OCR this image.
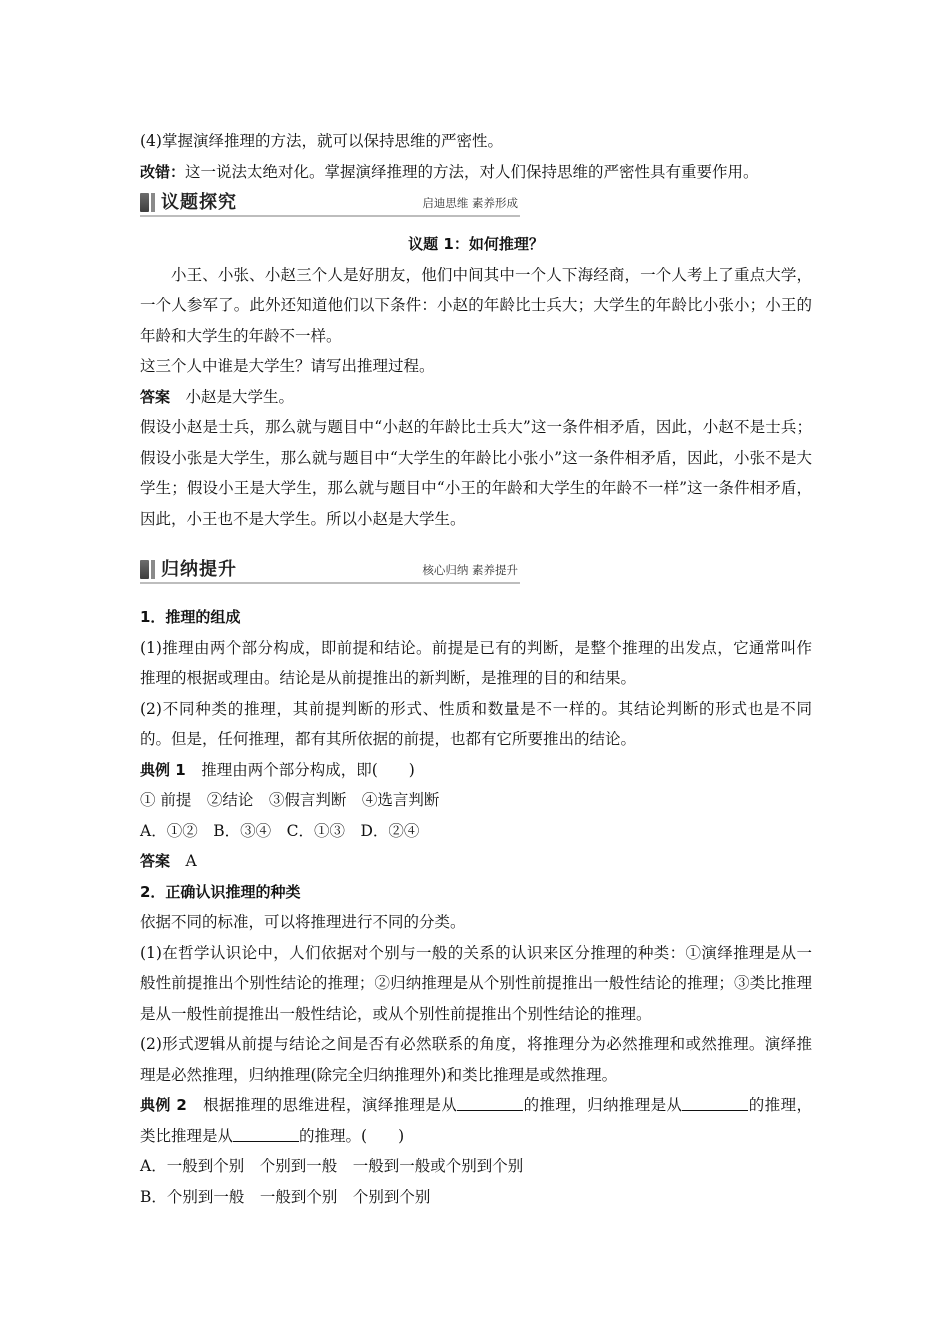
(4)掌握演绎推理的方法，就可以保持思维的严密性。

改错：这一说法太绝对化。掌握演绎推理的方法，对人们保持思维的严密性具有重要作用。

议题探究	启迪思维 素养形成

议题 1：如何推理？

小王、小张、小赵三个人是好朋友，他们中间其中一个人下海经商，一个人考上了重点大学，一个人参军了。此外还知道他们以下条件：小赵的年龄比士兵大；大学生的年龄比小张小；小王的年龄和大学生的年龄不一样。

这三个人中谁是大学生？请写出推理过程。

答案　 小赵是大学生。

假设小赵是士兵，那么就与题目中“小赵的年龄比士兵大”这一条件相矛盾，因此，小赵不是士兵；假设小张是大学生，那么就与题目中“大学生的年龄比小张小”这一条件相矛盾，因此，小张不是大学生；假设小王是大学生，那么就与题目中“小王的年龄和大学生的年龄不一样”这一条件相矛盾，因此，小王也不是大学生。所以小赵是大学生。

归纳提升	核心归纳 素养提升

1．推理的组成

(1)推理由两个部分构成，即前提和结论。前提是已有的判断，是整个推理的出发点，它通常叫作推理的根据或理由。结论是从前提推出的新判断，是推理的目的和结果。

(2)不同种类的推理，其前提判断的形式、性质和数量是不一样的。其结论判断的形式也是不同的。但是，任何推理，都有其所依据的前提，也都有它所要推出的结论。

典例 1　 推理由两个部分构成，即(　　)

① 前提　②结论　③假言判断　④选言判断

A．①②　B．③④　C．①③　D．②④

答案　 A

2．正确认识推理的种类

依据不同的标准，可以将推理进行不同的分类。

(1)在哲学认识论中，人们依据对个别与一般的关系的认识来区分推理的种类：①演绎推理是从一般性前提推出个别性结论的推理；②归纳推理是从个别性前提推出一般性结论的推理；③类比推理是从一般性前提推出一般性结论，或从个别性前提推出个别性结论的推理。

(2)形式逻辑从前提与结论之间是否有必然联系的角度，将推理分为必然推理和或然推理。演绎推理是必然推理，归纳推理(除完全归纳推理外)和类比推理是或然推理。

典例 2　 根据推理的思维进程，演绎推理是从	的推理，归纳推理是从	的推理，类比推理是从	的推理。(　　)

A．一般到个别　个别到一般　一般到一般或个别到个别

B．个别到一般　一般到个别　个别到个别
